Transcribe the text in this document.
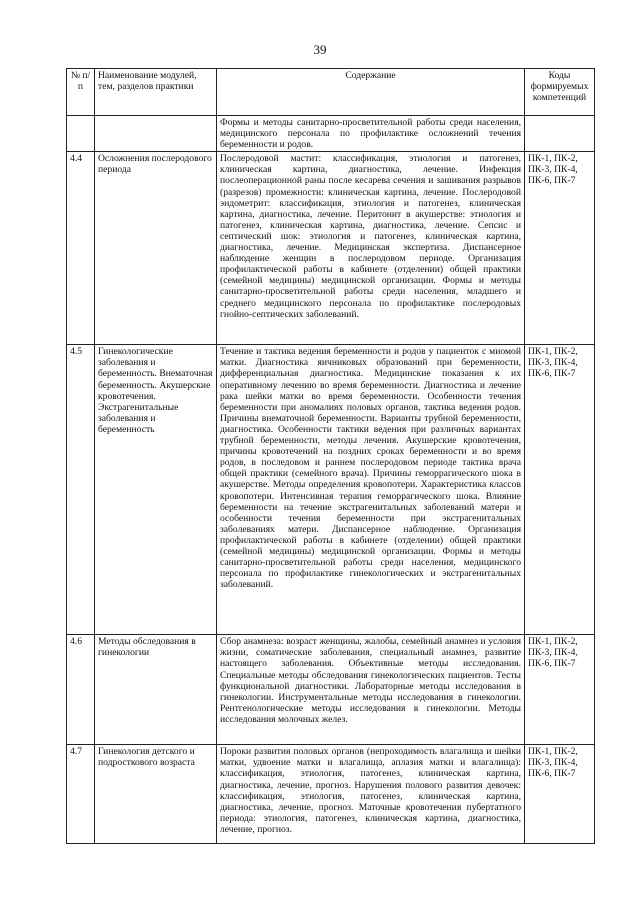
39
№ п/п	Наименование модулей, тем, разделов практики	Содержание	Коды формируемых компетенций
		Формы и методы санитарно-просветительной работы среди населения, медицинского персонала по профилактике осложнений течения беременности и родов.	
4.4	Осложнения послеродового периода	Послеродовой мастит: классификация, этиология и патогенез, клиническая картина, диагностика, лечение. Инфекция послеоперационной раны после кесарева сечения и зашивания разрывов (разрезов) промежности: клиническая картина, лечение. Послеродовой эндометрит: классификация, этиология и патогенез, клиническая картина, диагностика, лечение. Перитонит в акушерстве: этиология и патогенез, клиническая картина, диагностика, лечение. Сепсис и септический шок: этиология и патогенез, клиническая картина, диагностика, лечение. Медицинская экспертиза. Диспансерное наблюдение женщин в послеродовом периоде. Организация профилактической работы в кабинете (отделении) общей практики (семейной медицины) медицинской организации. Формы и методы санитарно-просветительной работы среди населения, младшего и среднего медицинского персонала по профилактике послеродовых гнойно-септических заболеваний.	ПК-1, ПК-2, ПК-3, ПК-4, ПК-6, ПК-7
4.5	Гинекологические заболевания и беременность. Внематочная беременность. Акушерские кровотечения. Экстрагенитальные заболевания и беременность	Течение и тактика ведения беременности и родов у пациенток с миомой матки. Диагностика яичниковых образований при беременности, дифференциальная диагностика. Медицинские показания к их оперативному лечению во время беременности. Диагностика и лечение рака шейки матки во время беременности. Особенности течения беременности при аномалиях половых органов, тактика ведения родов. Причины внематочной беременности. Варианты трубной беременности, диагностика. Особенности тактики ведения при различных вариантах трубной беременности, методы лечения. Акушерские кровотечения, причины кровотечений на поздних сроках беременности и во время родов, в последовом и раннем послеродовом периоде тактика врача общей практики (семейного врача). Причины геморрагического шока в акушерстве. Методы определения кровопотери. Характеристика классов кровопотери. Интенсивная терапия геморрагического шока. Влияние беременности на течение экстрагенитальных заболеваний матери и особенности течения беременности при экстрагенитальных заболеваниях матери. Диспансерное наблюдение. Организация профилактической работы в кабинете (отделении) общей практики (семейной медицины) медицинской организации. Формы и методы санитарно-просветительной работы среди населения, медицинского персонала по профилактике гинекологических и экстрагенитальных заболеваний.	ПК-1, ПК-2, ПК-3, ПК-4, ПК-6, ПК-7
4.6	Методы обследования в гинекологии	Сбор анамнеза: возраст женщины, жалобы, семейный анамнез и условия жизни, соматические заболевания, специальный анамнез, развитие настоящего заболевания. Объективные методы исследования. Специальные методы обследования гинекологических пациентов. Тесты функциональной диагностики. Лабораторные методы исследования в гинекологии. Инструментальные методы исследования в гинекологии. Рентгенологические методы исследования в гинекологии. Методы исследования молочных желез.	ПК-1, ПК-2, ПК-3, ПК-4, ПК-6, ПК-7
4.7	Гинекология детского и подросткового возраста	Пороки развития половых органов (непроходимость влагалища и шейки матки, удвоение матки и влагалища, аплазия матки и влагалища): классификация, этиология, патогенез, клиническая картина, диагностика, лечение, прогноз. Нарушения полового развития девочек: классификация, этиология, патогенез, клиническая картина, диагностика, лечение, прогноз. Маточные кровотечения пубертатного периода: этиология, патогенез, клиническая картина, диагностика, лечение, прогноз.	ПК-1, ПК-2, ПК-3, ПК-4, ПК-6, ПК-7
